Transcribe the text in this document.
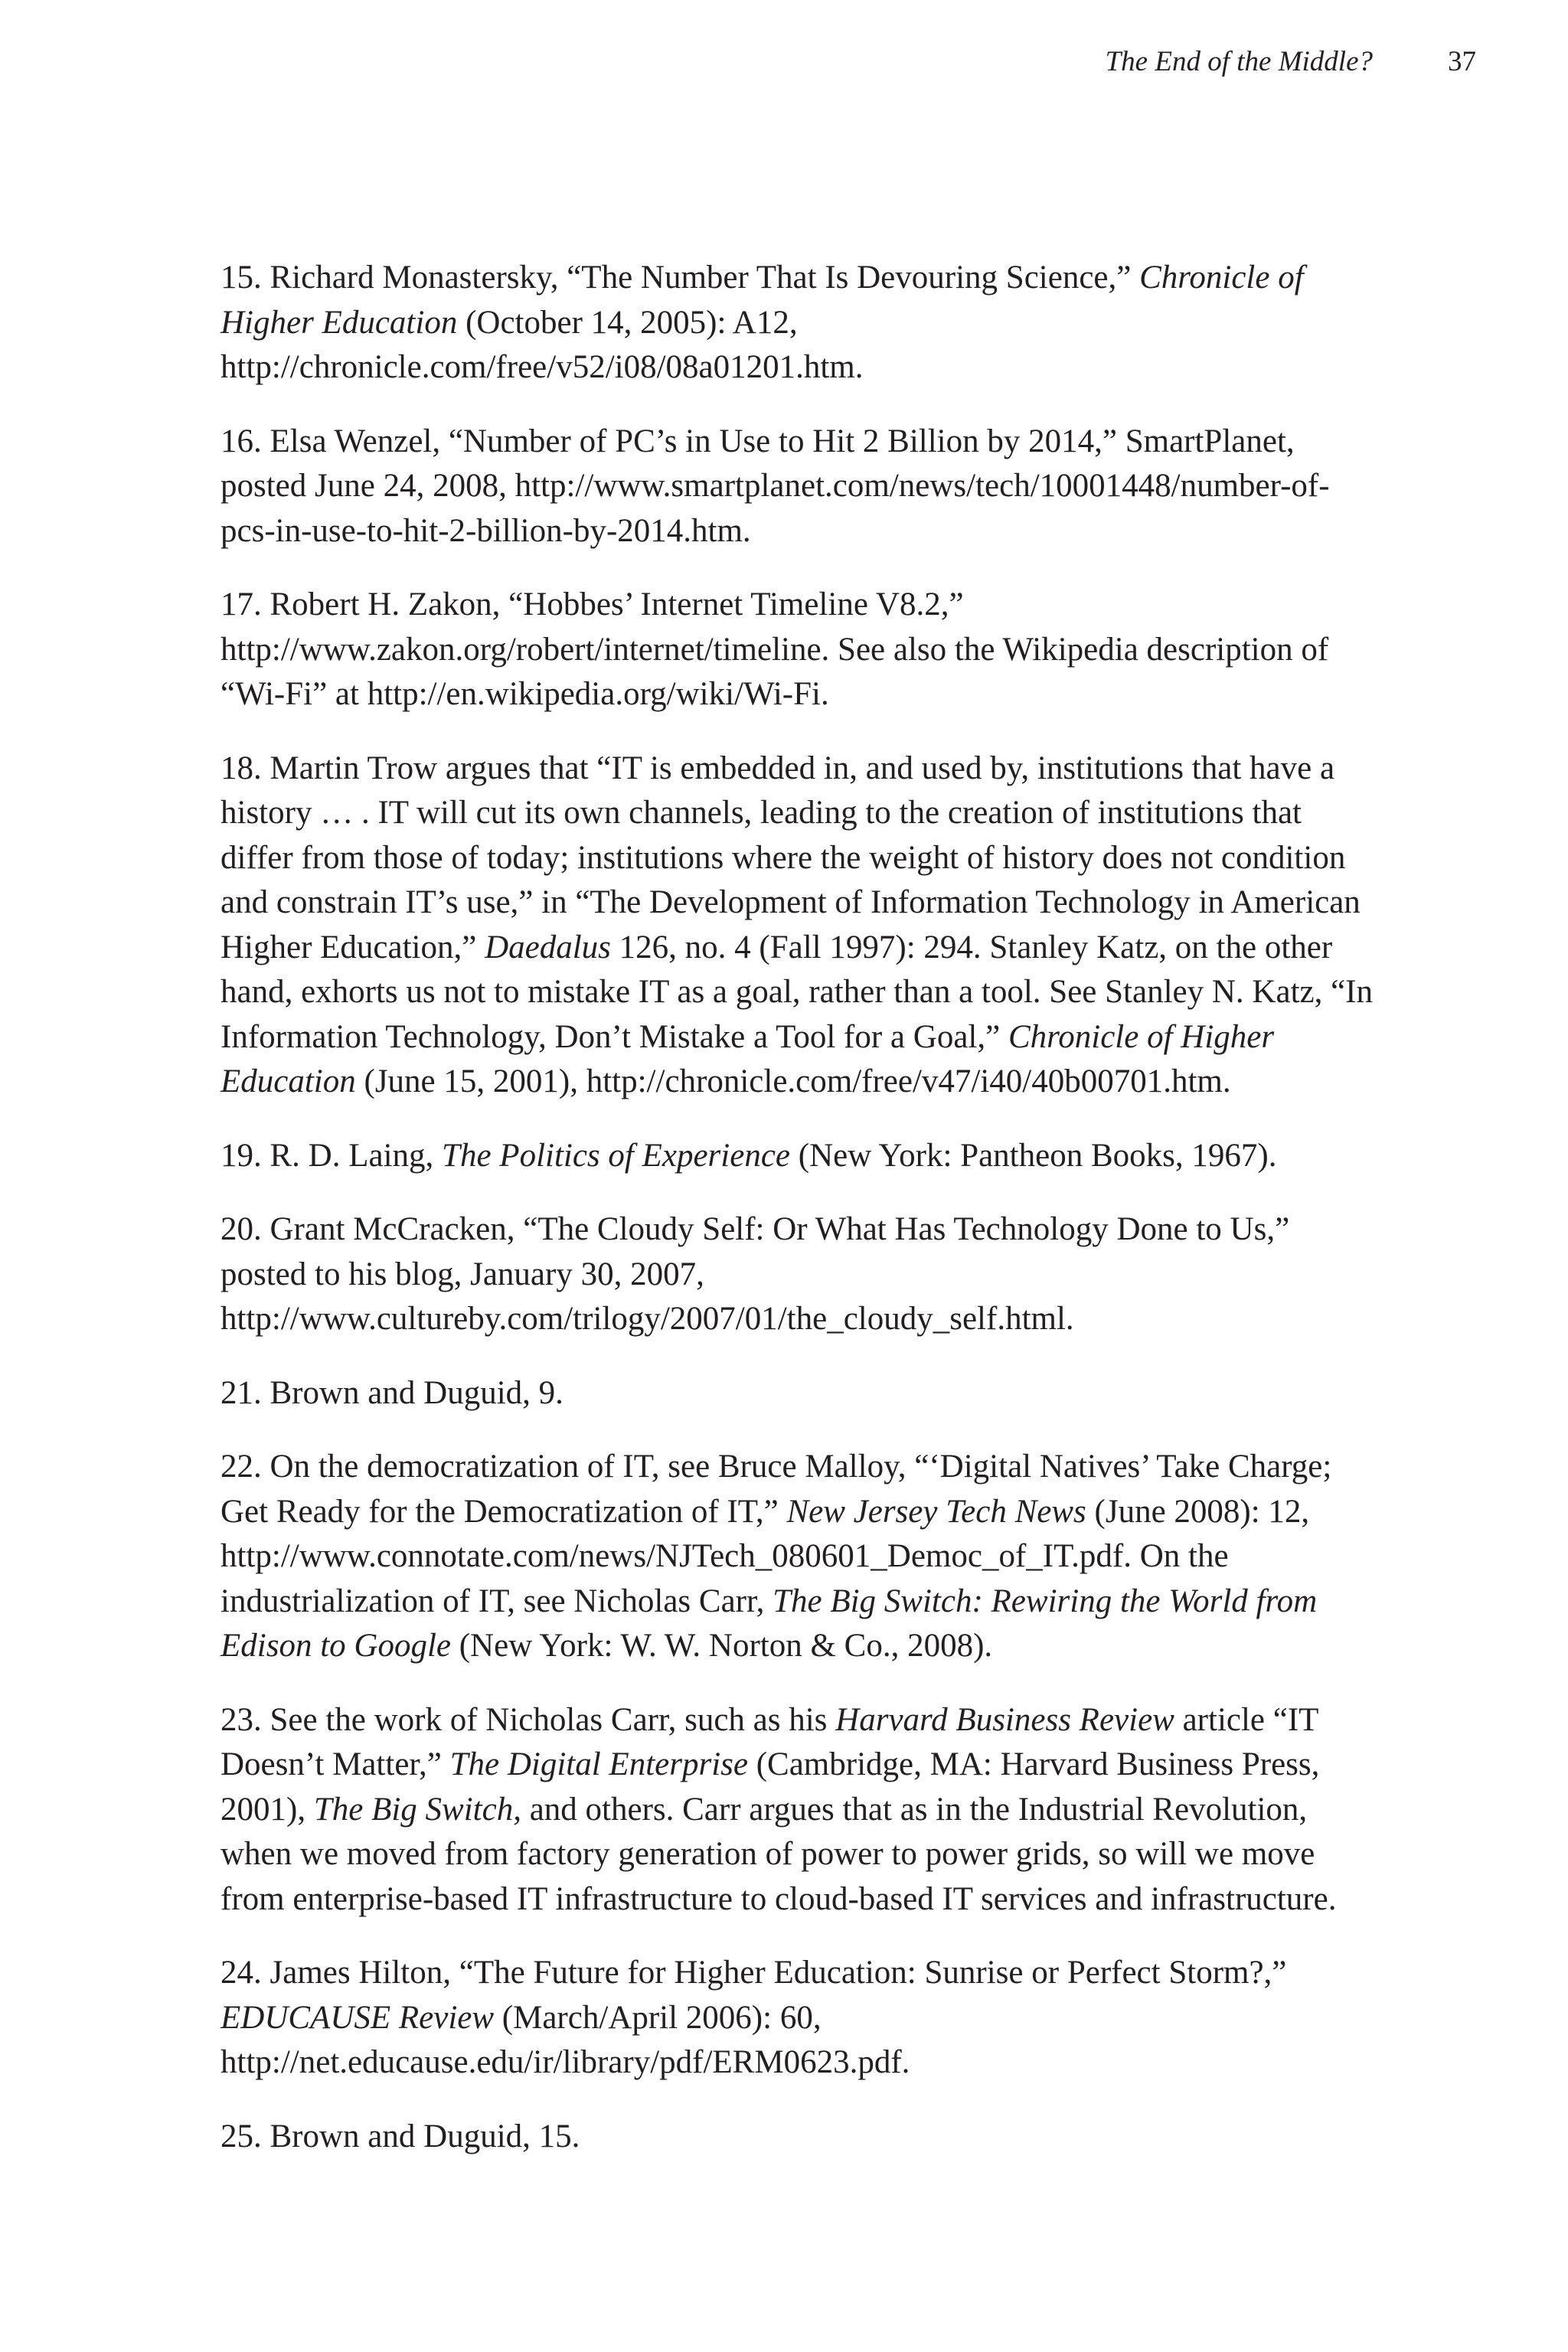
The End of the Middle?	37

15. Richard Monastersky, “The Number That Is Devouring Science,” Chronicle of Higher Education (October 14, 2005): A12, http://chronicle.com/free/v52/i08/08a01201.htm.

16. Elsa Wenzel, “Number of PC’s in Use to Hit 2 Billion by 2014,” SmartPlanet, posted June 24, 2008, http://www.smartplanet.com/news/tech/10001448/number-of-pcs-in-use-to-hit-2-billion-by-2014.htm.

17. Robert H. Zakon, “Hobbes’ Internet Timeline V8.2,” http://www.zakon.org/robert/internet/timeline. See also the Wikipedia description of “Wi-Fi” at http://en.wikipedia.org/wiki/Wi-Fi.

18. Martin Trow argues that “IT is embedded in, and used by, institutions that have a history … . IT will cut its own channels, leading to the creation of institutions that differ from those of today; institutions where the weight of history does not condition and constrain IT’s use,” in “The Development of Information Technology in American Higher Education,” Daedalus 126, no. 4 (Fall 1997): 294. Stanley Katz, on the other hand, exhorts us not to mistake IT as a goal, rather than a tool. See Stanley N. Katz, “In Information Technology, Don’t Mistake a Tool for a Goal,” Chronicle of Higher Education (June 15, 2001), http://chronicle.com/free/v47/i40/40b00701.htm.

19. R. D. Laing, The Politics of Experience (New York: Pantheon Books, 1967).

20. Grant McCracken, “The Cloudy Self: Or What Has Technology Done to Us,” posted to his blog, January 30, 2007, http://www.cultureby.com/trilogy/2007/01/the_cloudy_self.html.

21. Brown and Duguid, 9.

22. On the democratization of IT, see Bruce Malloy, “‘Digital Natives’ Take Charge; Get Ready for the Democratization of IT,” New Jersey Tech News (June 2008): 12, http://www.connotate.com/news/NJTech_080601_Democ_of_IT.pdf. On the industrialization of IT, see Nicholas Carr, The Big Switch: Rewiring the World from Edison to Google (New York: W. W. Norton & Co., 2008).

23. See the work of Nicholas Carr, such as his Harvard Business Review article “IT Doesn’t Matter,” The Digital Enterprise (Cambridge, MA: Harvard Business Press, 2001), The Big Switch, and others. Carr argues that as in the Industrial Revolution, when we moved from factory generation of power to power grids, so will we move from enterprise-based IT infrastructure to cloud-based IT services and infrastructure.

24. James Hilton, “The Future for Higher Education: Sunrise or Perfect Storm?,” EDUCAUSE Review (March/April 2006): 60, http://net.educause.edu/ir/library/pdf/ERM0623.pdf.

25. Brown and Duguid, 15.
